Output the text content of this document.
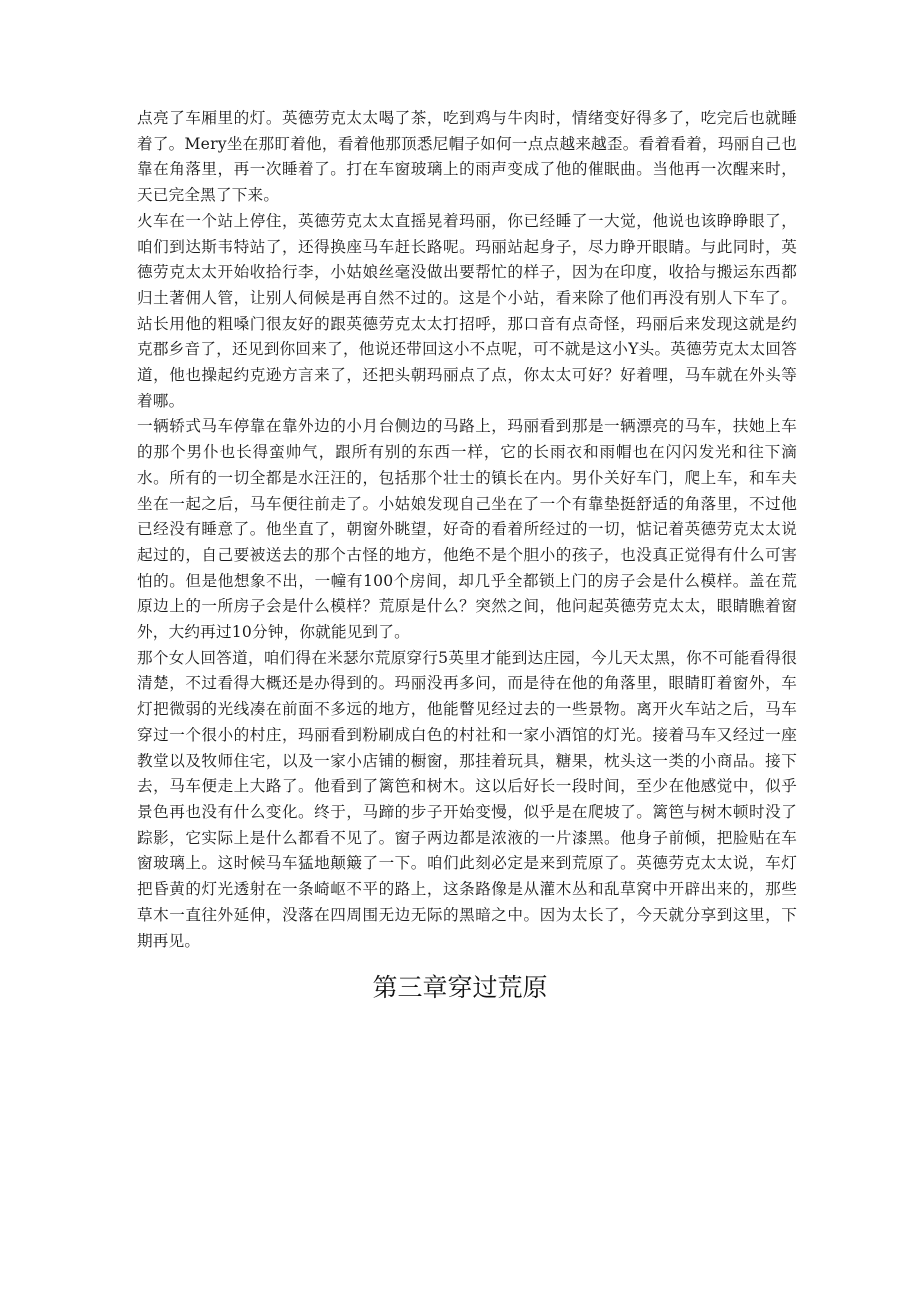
点亮了车厢里的灯。英德劳克太太喝了茶，吃到鸡与牛肉时，情绪变好得多了，吃完后也就睡着了。Mery坐在那盯着他，看着他那顶悉尼帽子如何一点点越来越歪。看着看着，玛丽自己也靠在角落里，再一次睡着了。打在车窗玻璃上的雨声变成了他的催眠曲。当他再一次醒来时，天已完全黑了下来。

火车在一个站上停住，英德劳克太太直摇晃着玛丽，你已经睡了一大觉，他说也该睁睁眼了，咱们到达斯韦特站了，还得换座马车赶长路呢。玛丽站起身子，尽力睁开眼睛。与此同时，英德劳克太太开始收拾行李，小姑娘丝毫没做出要帮忙的样子，因为在印度，收拾与搬运东西都归土著佣人管，让别人伺候是再自然不过的。这是个小站，看来除了他们再没有别人下车了。站长用他的粗嗓门很友好的跟英德劳克太太打招呼，那口音有点奇怪，玛丽后来发现这就是约克郡乡音了，还见到你回来了，他说还带回这小不点呢，可不就是这小Y头。英德劳克太太回答道，他也操起约克逊方言来了，还把头朝玛丽点了点，你太太可好？好着哩，马车就在外头等着哪。

一辆轿式马车停靠在靠外边的小月台侧边的马路上，玛丽看到那是一辆漂亮的马车，扶她上车的那个男仆也长得蛮帅气，跟所有别的东西一样，它的长雨衣和雨帽也在闪闪发光和往下滴水。所有的一切全都是水汪汪的，包括那个壮士的镇长在内。男仆关好车门，爬上车，和车夫坐在一起之后，马车便往前走了。小姑娘发现自己坐在了一个有靠垫挺舒适的角落里，不过他已经没有睡意了。他坐直了，朝窗外眺望，好奇的看着所经过的一切，惦记着英德劳克太太说起过的，自己要被送去的那个古怪的地方，他绝不是个胆小的孩子，也没真正觉得有什么可害怕的。但是他想象不出，一幢有100个房间，却几乎全都锁上门的房子会是什么模样。盖在荒原边上的一所房子会是什么模样？荒原是什么？突然之间，他问起英德劳克太太，眼睛瞧着窗外，大约再过10分钟，你就能见到了。

那个女人回答道，咱们得在米瑟尔荒原穿行5英里才能到达庄园，今儿天太黑，你不可能看得很清楚，不过看得大概还是办得到的。玛丽没再多问，而是待在他的角落里，眼睛盯着窗外，车灯把微弱的光线凑在前面不多远的地方，他能瞥见经过去的一些景物。离开火车站之后，马车穿过一个很小的村庄，玛丽看到粉刷成白色的村社和一家小酒馆的灯光。接着马车又经过一座教堂以及牧师住宅，以及一家小店铺的橱窗，那挂着玩具，糖果，枕头这一类的小商品。接下去，马车便走上大路了。他看到了篱笆和树木。这以后好长一段时间，至少在他感觉中，似乎景色再也没有什么变化。终于，马蹄的步子开始变慢，似乎是在爬坡了。篱笆与树木顿时没了踪影，它实际上是什么都看不见了。窗子两边都是浓液的一片漆黑。他身子前倾，把脸贴在车窗玻璃上。这时候马车猛地颠簸了一下。咱们此刻必定是来到荒原了。英德劳克太太说，车灯把昏黄的灯光透射在一条崎岖不平的路上，这条路像是从灌木丛和乱草窝中开辟出来的，那些草木一直往外延伸，没落在四周围无边无际的黑暗之中。因为太长了，今天就分享到这里，下期再见。

第三章穿过荒原
